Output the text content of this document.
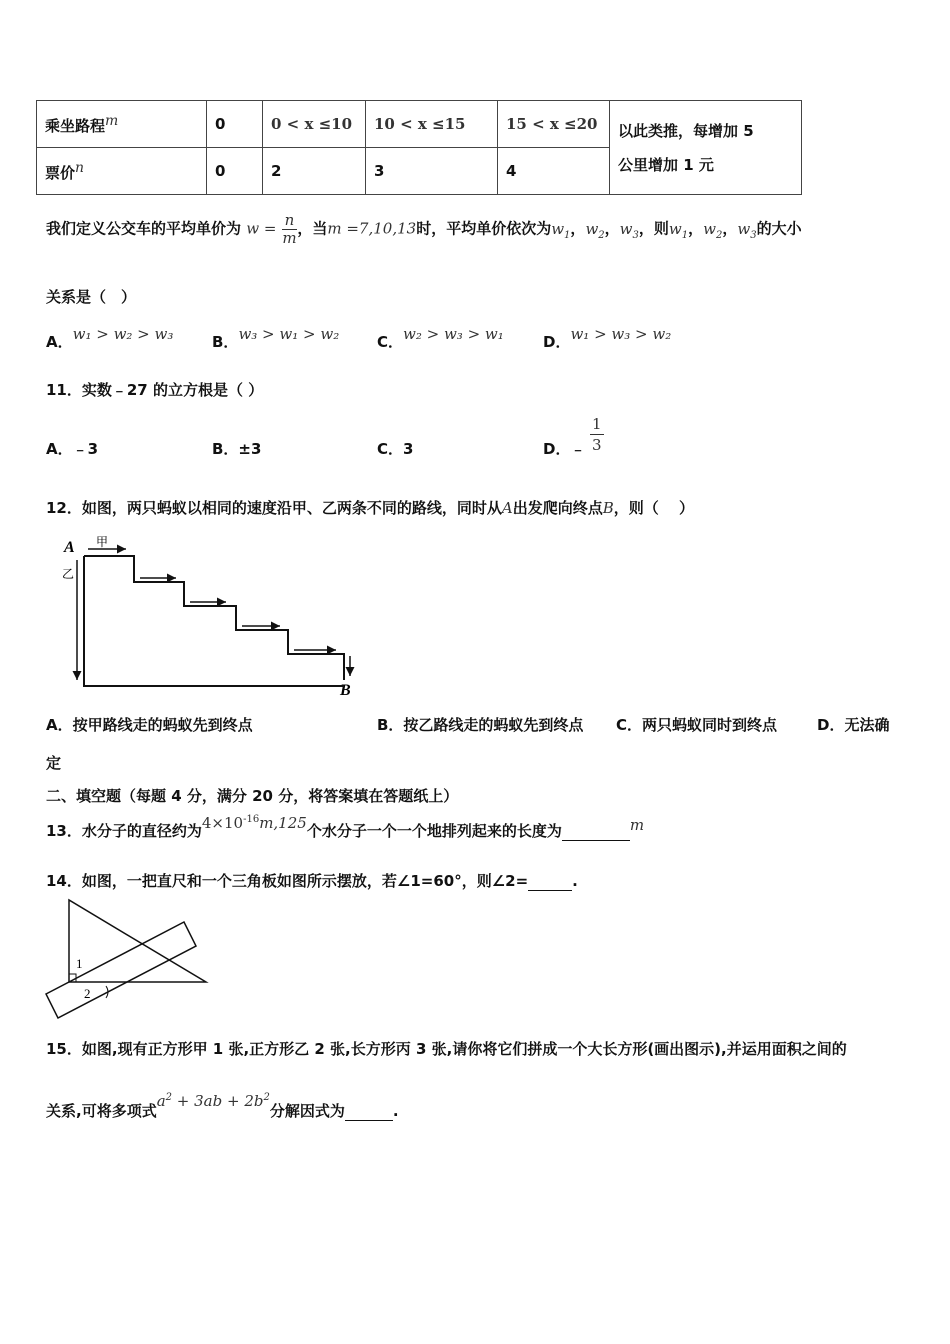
乘坐路程m	0	0 < x ≤10	10 < x ≤15	15 < x ≤20	以此类推，每增加 5
公里增加 1 元
票价n	0	2	3	4	
我们定义公交车的平均单价为 $w = \frac{n}{m}$ ，当m =7,10,13时，平均单价依次为$w_1$，$w_2$，$w_3$，则$w_1$，$w_2$，$w_3$的大小
关系是（　）
A．w₁ > w₂ > w₃	B．w₃ > w₁ > w₂	C．w₂ > w₃ > w₁	D．w₁ > w₃ > w₂
11．实数﹣27 的立方根是（ ）
A．﹣3	B．±3	C．3	D．﹣
1
3
12．如图，两只蚂蚁以相同的速度沿甲、乙两条不同的路线，同时从A出发爬向终点B，则（　 ）
A 甲
乙
B
A．按甲路线走的蚂蚁先到终点	B．按乙路线走的蚂蚁先到终点 C．两只蚂蚁同时到终点	D．无法确
定
二、填空题（每题 4 分，满分 20 分，将答案填在答题纸上）
13．水分子的直径约为$4\times 10^{-16}m,125$个水分子一个一个地排列起来的长度为	m
14．如图，一把直尺和一个三角板如图所示摆放，若∠1=60°，则∠2=	.
1
2
15．如图,现有正方形甲 1 张,正方形乙 2 张,长方形丙 3 张,请你将它们拼成一个大长方形(画出图示),并运用面积之间的
关系,可将多项式$a^2 + 3ab + 2b^2$分解因式为	.
